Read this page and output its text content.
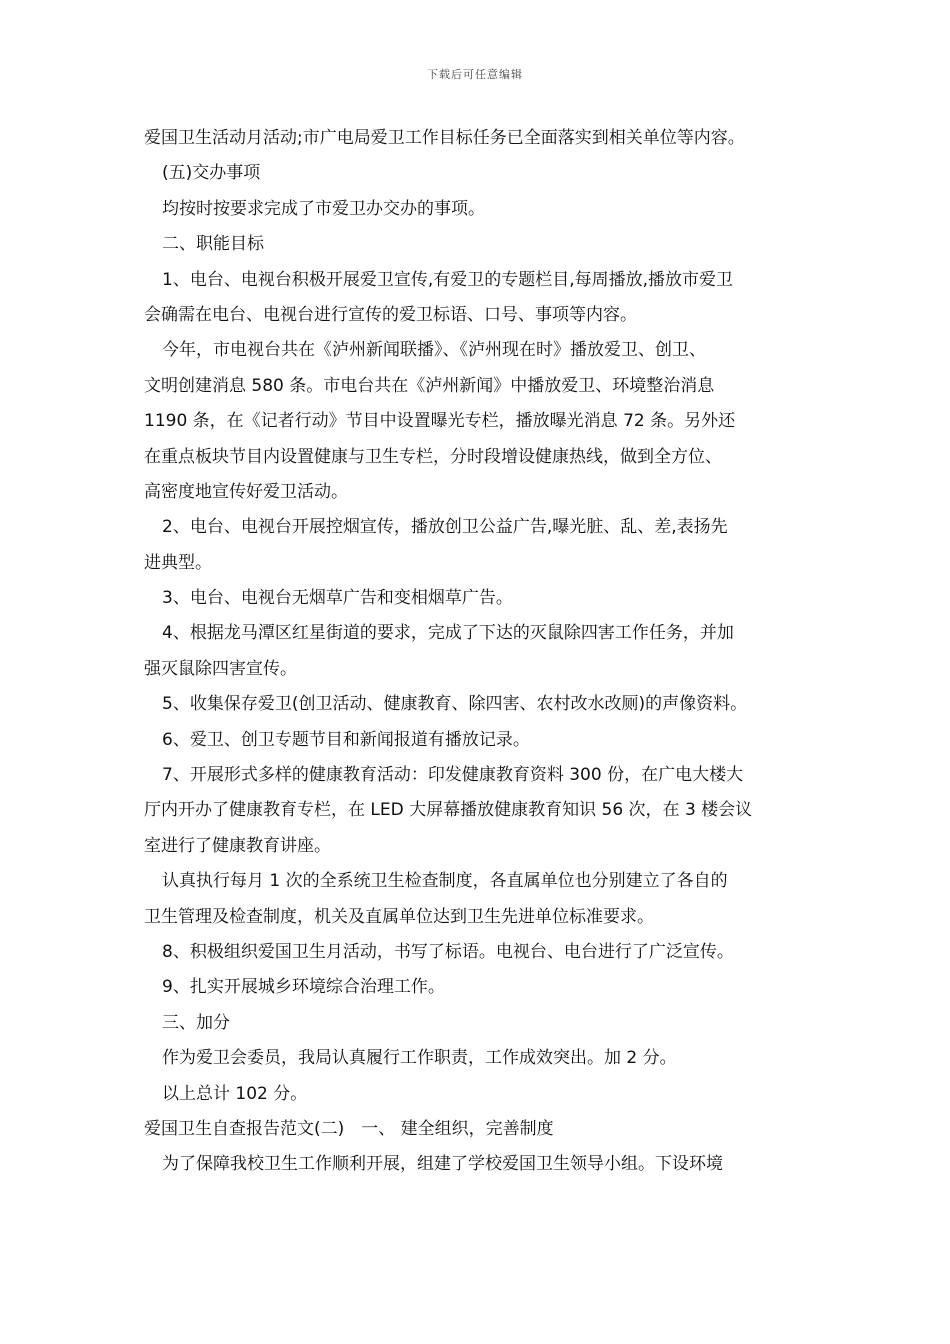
下载后可任意编辑
爱国卫生活动月活动;市广电局爱卫工作目标任务已全面落实到相关单位等内容。
(五)交办事项
均按时按要求完成了市爱卫办交办的事项。
二、职能目标
1、电台、电视台积极开展爱卫宣传,有爱卫的专题栏目,每周播放,播放市爱卫
会确需在电台、电视台进行宣传的爱卫标语、口号、事项等内容。
今年，市电视台共在《泸州新闻联播》、《泸州现在时》播放爱卫、创卫、
文明创建消息 580 条。市电台共在《泸州新闻》中播放爱卫、环境整治消息
1190 条，在《记者行动》节目中设置曝光专栏，播放曝光消息 72 条。另外还
在重点板块节目内设置健康与卫生专栏，分时段增设健康热线，做到全方位、
高密度地宣传好爱卫活动。
2、电台、电视台开展控烟宣传，播放创卫公益广告,曝光脏、乱、差,表扬先
进典型。
3、电台、电视台无烟草广告和变相烟草广告。
4、根据龙马潭区红星街道的要求，完成了下达的灭鼠除四害工作任务，并加
强灭鼠除四害宣传。
5、收集保存爱卫(创卫活动、健康教育、除四害、农村改水改厕)的声像资料。
6、爱卫、创卫专题节目和新闻报道有播放记录。
7、开展形式多样的健康教育活动：印发健康教育资料 300 份，在广电大楼大
厅内开办了健康教育专栏，在 LED 大屏幕播放健康教育知识 56 次，在 3 楼会议
室进行了健康教育讲座。
认真执行每月 1 次的全系统卫生检查制度，各直属单位也分别建立了各自的
卫生管理及检查制度，机关及直属单位达到卫生先进单位标准要求。
8、积极组织爱国卫生月活动，书写了标语。电视台、电台进行了广泛宣传。
9、扎实开展城乡环境综合治理工作。
三、加分
作为爱卫会委员，我局认真履行工作职责，工作成效突出。加 2 分。
以上总计 102 分。
爱国卫生自查报告范文(二)　一、 建全组织，完善制度
为了保障我校卫生工作顺利开展，组建了学校爱国卫生领导小组。下设环境
